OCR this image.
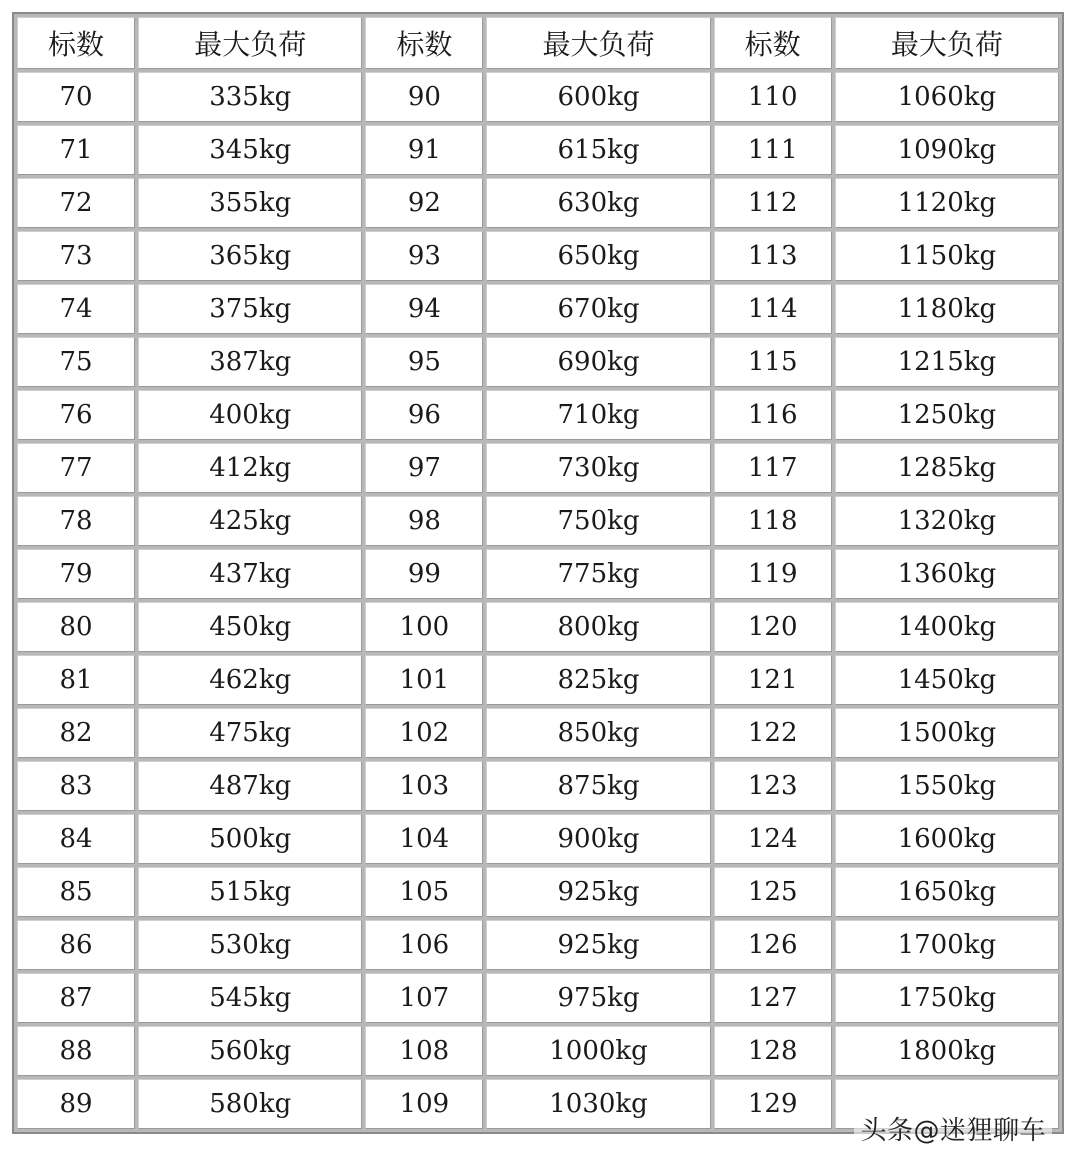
标数	最大负荷	标数	最大负荷	标数	最大负荷
70	335kg	90	600kg	110	1060kg
71	345kg	91	615kg	111	1090kg
72	355kg	92	630kg	112	1120kg
73	365kg	93	650kg	113	1150kg
74	375kg	94	670kg	114	1180kg
75	387kg	95	690kg	115	1215kg
76	400kg	96	710kg	116	1250kg
77	412kg	97	730kg	117	1285kg
78	425kg	98	750kg	118	1320kg
79	437kg	99	775kg	119	1360kg
80	450kg	100	800kg	120	1400kg
81	462kg	101	825kg	121	1450kg
82	475kg	102	850kg	122	1500kg
83	487kg	103	875kg	123	1550kg
84	500kg	104	900kg	124	1600kg
85	515kg	105	925kg	125	1650kg
86	530kg	106	925kg	126	1700kg
87	545kg	107	975kg	127	1750kg
88	560kg	108	1000kg	128	1800kg
89	580kg	109	1030kg	129	
头条@迷狸聊车
